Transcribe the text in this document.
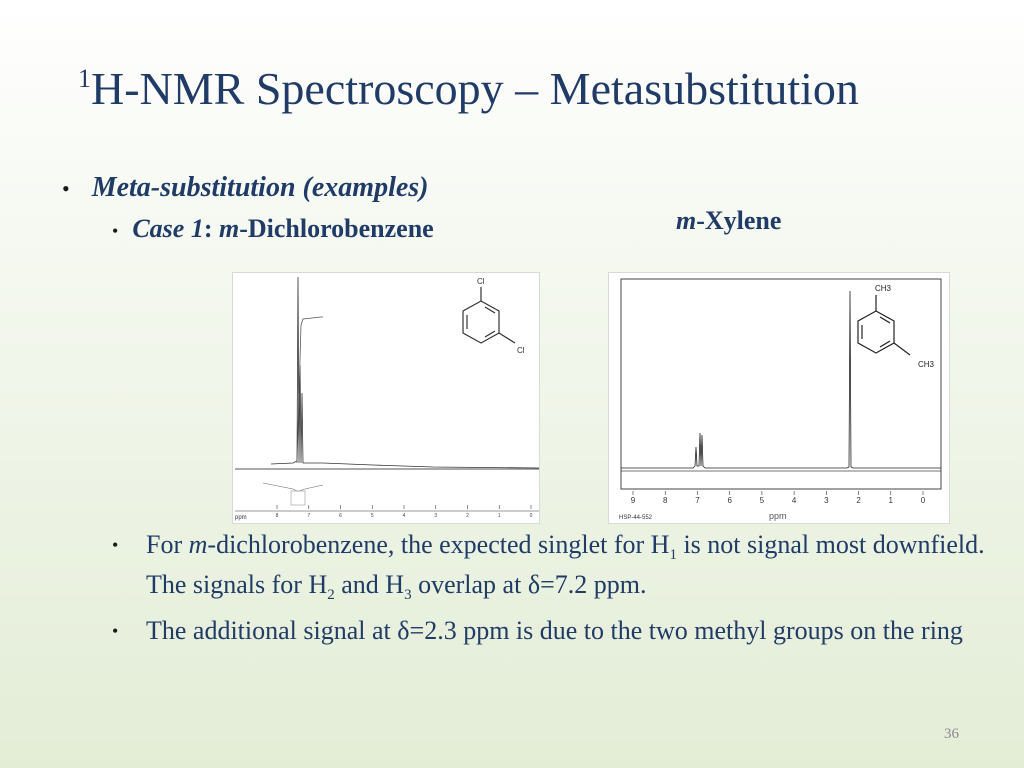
$^1$H-NMR Spectroscopy – Metasubstitution
• Meta-substitution (examples)
• Case 1: m-Dichlorobenzene	m-Xylene
Cl
Cl
8	7	6	5	4	3	2	1	0
ppm
CH3
CH3
9	8	7	6	5	4	3	2	1	0
ppm
HSP-44-552
• For m-dichlorobenzene, the expected singlet for $H_1$ is not signal most downfield. The signals for $H_2$ and $H_3$ overlap at δ=7.2 ppm.
• The additional signal at δ=2.3 ppm is due to the two methyl groups on the ring
36
